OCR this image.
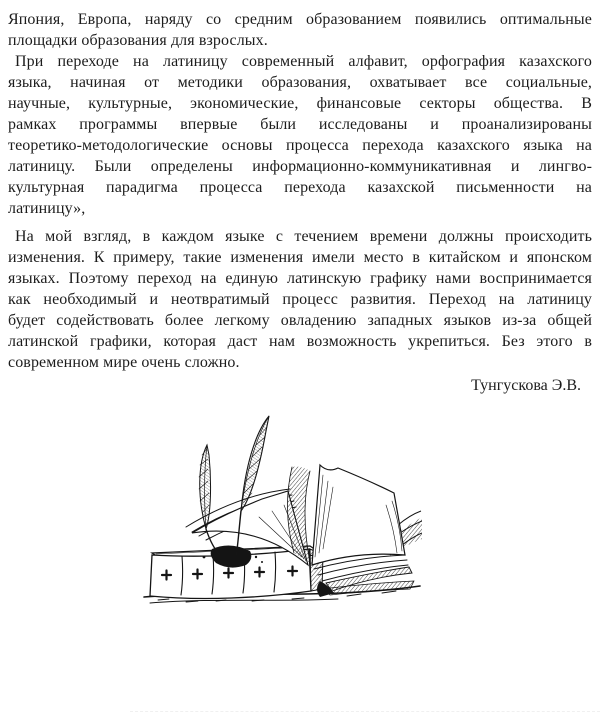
Япония, Европа, наряду со средним образованием появились оптимальные
площадки образования для взрослых.
При переходе на латиницу современный алфавит, орфография казахского
языка, начиная от методики образования, охватывает все социальные,
научные, культурные, экономические, финансовые секторы общества. В
рамках программы впервые были исследованы и проанализированы
теоретико-методологические основы процесса перехода казахского языка на
латиницу. Были определены информационно-коммуникативная и лингво-
культурная парадигма процесса перехода казахской письменности на
латиницу»,
На мой взгляд, в каждом языке с течением времени должны происходить
изменения. К примеру, такие изменения имели место в китайском и японском
языках. Поэтому переход на единую латинскую графику нами воспринимается
как необходимый и неотвратимый процесс развития. Переход на латиницу
будет содействовать более легкому овладению западных языков из-за общей
латинской графики, которая даст нам возможность укрепиться. Без этого в
современном мире очень сложно.
Тунгускова Э.В.
